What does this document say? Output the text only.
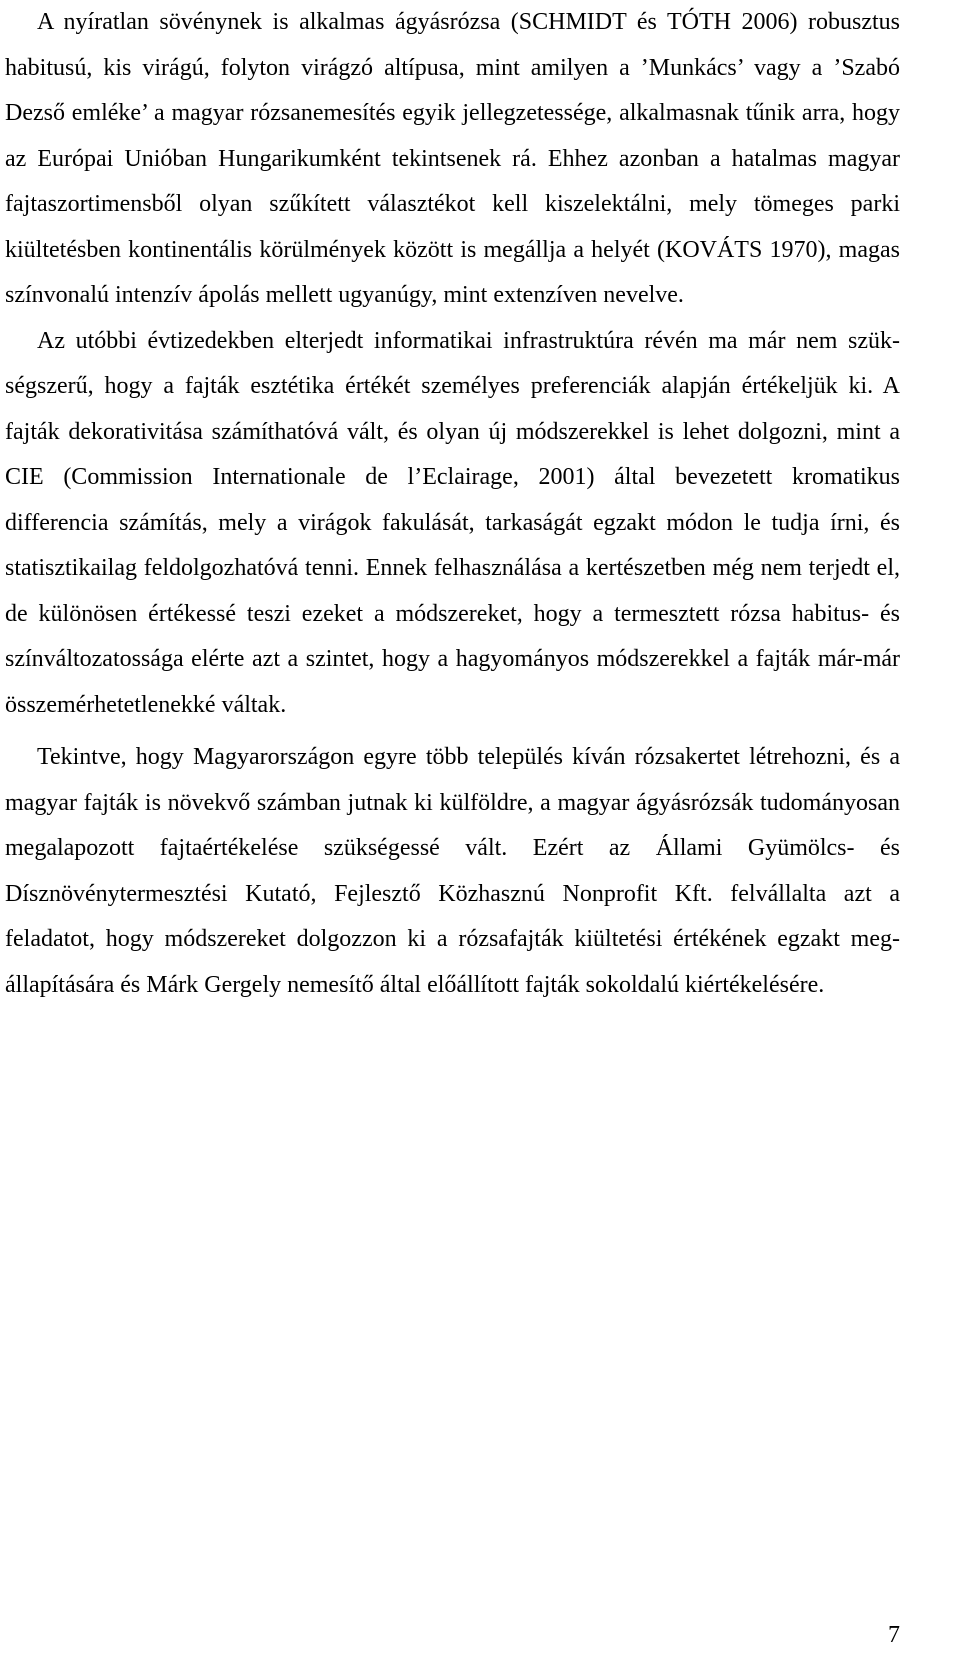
A nyíratlan sövénynek is alkalmas ágyásrózsa (SCHMIDT és TÓTH 2006) robusztus habitusú, kis virágú, folyton virágzó altípusa, mint amilyen a ’Munkács’ vagy a ’Szabó Dezső emléke’ a magyar rózsanemesítés egyik jellegzetessége, alkalmasnak tűnik arra, hogy az Európai Unióban Hungarikumként tekintsenek rá. Ehhez azonban a hatalmas magyar fajtaszortimensből olyan szűkített választékot kell kiszelektálni, mely tömeges parki kiültetésben kontinentális körülmények között is megállja a helyét (KOVÁTS 1970), magas színvonalú intenzív ápolás mellett ugyanúgy, mint extenzíven nevelve.

Az utóbbi évtizedekben elterjedt informatikai infrastruktúra révén ma már nem szükségszerű, hogy a fajták esztétika értékét személyes preferenciák alapján értékeljük ki. A fajták dekorativitása számíthatóvá vált, és olyan új módszerekkel is lehet dolgozni, mint a CIE (Commission Internationale de l’Eclairage, 2001) által bevezetett kromatikus differencia számítás, mely a virágok fakulását, tarkaságát egzakt módon le tudja írni, és statisztikailag feldolgozhatóvá tenni. Ennek felhasználása a kertészetben még nem terjedt el, de különösen értékessé teszi ezeket a módszereket, hogy a termesztett rózsa habitus- és színváltozatossága elérte azt a szintet, hogy a hagyományos módszerekkel a fajták már-már összemérhetetlenekké váltak.

Tekintve, hogy Magyarországon egyre több település kíván rózsakertet létrehozni, és a magyar fajták is növekvő számban jutnak ki külföldre, a magyar ágyásrózsák tudományosan megalapozott fajtaértékelése szükségessé vált. Ezért az Állami Gyümölcs- és Dísznövénytermesztési Kutató, Fejlesztő Közhasznú Nonprofit Kft. felvállalta azt a feladatot, hogy módszereket dolgozzon ki a rózsafajták kiültetési értékének egzakt megállapítására és Márk Gergely nemesítő által előállított fajták sokoldalú kiértékelésére.

7
